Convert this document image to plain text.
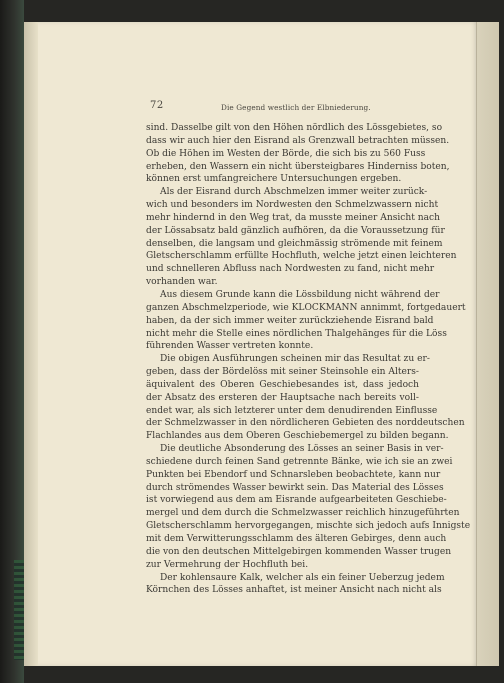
72	Die Gegend westlich der Elbniederung.
sind. Dasselbe gilt von den Höhen nördlich des Lössgebietes, so
dass wir auch hier den Eisrand als Grenzwall betrachten müssen.
Ob die Höhen im Westen der Börde, die sich bis zu 560 Fuss
erheben, den Wassern ein nicht übersteigbares Hinderniss boten,
können erst umfangreichere Untersuchungen ergeben.
Als der Eisrand durch Abschmelzen immer weiter zurück-
wich und besonders im Nordwesten den Schmelzwassern nicht
mehr hindernd in den Weg trat, da musste meiner Ansicht nach
der Lössabsatz bald gänzlich aufhören, da die Voraussetzung für
denselben, die langsam und gleichmässig strömende mit feinem
Gletscherschlamm erfüllte Hochfluth, welche jetzt einen leichteren
und schnelleren Abfluss nach Nordwesten zu fand, nicht mehr
vorhanden war.
Aus diesem Grunde kann die Lössbildung nicht während der
ganzen Abschmelzperiode, wie KLOCKMANN annimmt, fortgedauert
haben, da der sich immer weiter zurückziehende Eisrand bald
nicht mehr die Stelle eines nördlichen Thalgehänges für die Löss
führenden Wasser vertreten konnte.
Die obigen Ausführungen scheinen mir das Resultat zu er-
geben, dass der Bördelöss mit seiner Steinsohle ein Alters-
äquivalent des Oberen Geschiebesandes ist, dass jedoch
der Absatz des ersteren der Hauptsache nach bereits voll-
endet war, als sich letzterer unter dem denudirenden Einflusse
der Schmelzwasser in den nördlicheren Gebieten des norddeutschen
Flachlandes aus dem Oberen Geschiebemergel zu bilden begann.
Die deutliche Absonderung des Lösses an seiner Basis in ver-
schiedene durch feinen Sand getrennte Bänke, wie ich sie an zwei
Punkten bei Ebendorf und Schnarsleben beobachtete, kann nur
durch strömendes Wasser bewirkt sein. Das Material des Lösses
ist vorwiegend aus dem am Eisrande aufgearbeiteten Geschiebe-
mergel und dem durch die Schmelzwasser reichlich hinzugeführten
Gletscherschlamm hervorgegangen, mischte sich jedoch aufs Innigste
mit dem Verwitterungsschlamm des älteren Gebirges, denn auch
die von den deutschen Mittelgebirgen kommenden Wasser trugen
zur Vermehrung der Hochfluth bei.
Der kohlensaure Kalk, welcher als ein feiner Ueberzug jedem
Körnchen des Lösses anhaftet, ist meiner Ansicht nach nicht als
